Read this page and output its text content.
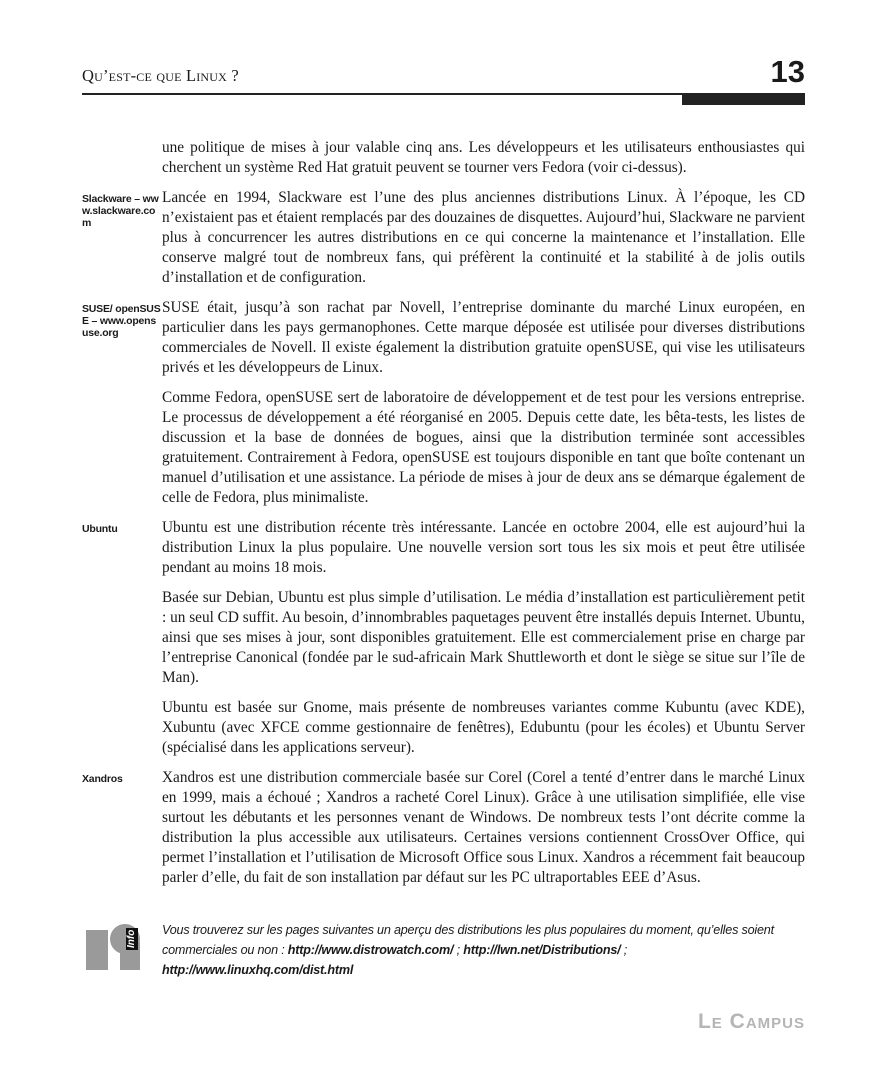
Qu’est-ce que Linux ?	13

une politique de mises à jour valable cinq ans. Les développeurs et les utilisateurs enthousiastes qui cherchent un système Red Hat gratuit peuvent se tourner vers Fedora (voir ci-dessus).

Slackware – www.slackware.com

Lancée en 1994, Slackware est l’une des plus anciennes distributions Linux. À l’époque, les CD n’existaient pas et étaient remplacés par des douzaines de disquettes. Aujourd’hui, Slackware ne parvient plus à concurrencer les autres distributions en ce qui concerne la maintenance et l’installation. Elle conserve malgré tout de nombreux fans, qui préfèrent la continuité et la stabilité à de jolis outils d’installation et de configuration.

SUSE/ openSUSE – www.opensuse.org

SUSE était, jusqu’à son rachat par Novell, l’entreprise dominante du marché Linux européen, en particulier dans les pays germanophones. Cette marque déposée est utilisée pour diverses distributions commerciales de Novell. Il existe également la distribution gratuite openSUSE, qui vise les utilisateurs privés et les développeurs de Linux.

Comme Fedora, openSUSE sert de laboratoire de développement et de test pour les versions entreprise. Le processus de développement a été réorganisé en 2005. Depuis cette date, les bêta-tests, les listes de discussion et la base de données de bogues, ainsi que la distribution terminée sont accessibles gratuitement. Contrairement à Fedora, openSUSE est toujours disponible en tant que boîte contenant un manuel d’utilisation et une assistance. La période de mises à jour de deux ans se démarque également de celle de Fedora, plus minimaliste.

Ubuntu	Ubuntu est une distribution récente très intéressante. Lancée en octobre 2004, elle est aujourd’hui la distribution Linux la plus populaire. Une nouvelle version sort tous les six mois et peut être utilisée pendant au moins 18 mois.

Basée sur Debian, Ubuntu est plus simple d’utilisation. Le média d’installation est particulièrement petit : un seul CD suffit. Au besoin, d’innombrables paquetages peuvent être installés depuis Internet. Ubuntu, ainsi que ses mises à jour, sont disponibles gratuitement. Elle est commercialement prise en charge par l’entreprise Canonical (fondée par le sud-africain Mark Shuttleworth et dont le siège se situe sur l’île de Man).

Ubuntu est basée sur Gnome, mais présente de nombreuses variantes comme Kubuntu (avec KDE), Xubuntu (avec XFCE comme gestionnaire de fenêtres), Edubuntu (pour les écoles) et Ubuntu Server (spécialisé dans les applications serveur).

Xandros	Xandros est une distribution commerciale basée sur Corel (Corel a tenté d’entrer dans le marché Linux en 1999, mais a échoué ; Xandros a racheté Corel Linux). Grâce à une utilisation simplifiée, elle vise surtout les débutants et les personnes venant de Windows. De nombreux tests l’ont décrite comme la distribution la plus accessible aux utilisateurs. Certaines versions contiennent CrossOver Office, qui permet l’installation et l’utilisation de Microsoft Office sous Linux. Xandros a récemment fait beaucoup parler d’elle, du fait de son installation par défaut sur les PC ultraportables EEE d’Asus.

Info Vous trouverez sur les pages suivantes un aperçu des distributions les plus populaires du moment, qu’elles soient commerciales ou non : http://www.distrowatch.com/ ; http://lwn.net/Distributions/ ; http://www.linuxhq.com/dist.html
Le Campus
